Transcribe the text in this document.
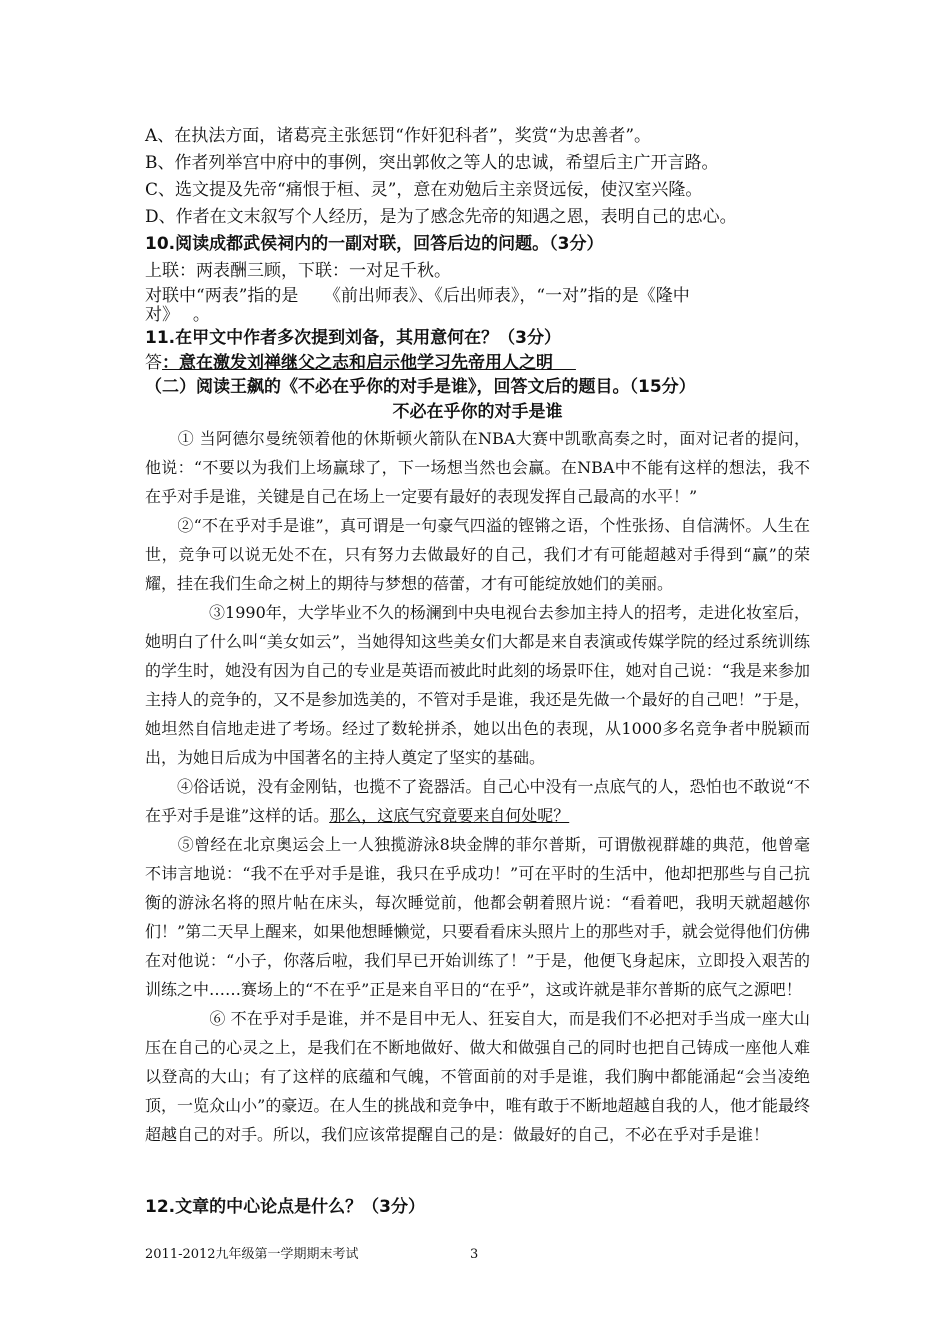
A、在执法方面，诸葛亮主张惩罚“作奸犯科者”，奖赏“为忠善者”。
B、作者列举宫中府中的事例，突出郭攸之等人的忠诚，希望后主广开言路。
C、选文提及先帝“痛恨于桓、灵”，意在劝勉后主亲贤远佞，使汉室兴隆。
D、作者在文末叙写个人经历，是为了感念先帝的知遇之恩，表明自己的忠心。
10.阅读成都武侯祠内的一副对联，回答后边的问题。（3分）
上联：两表酬三顾，下联：一对足千秋。
对联中“两表”指的是　　《前出师表》、《后出师表》，“一对”指的是《隆中
对》　 。
11.在甲文中作者多次提到刘备，其用意何在？（3分）
答：意在激发刘禅继父之志和启示他学习先帝用人之明 　
（二）阅读王飙的《不必在乎你的对手是谁》，回答文后的题目。（15分）
不必在乎你的对手是谁

　　① 当阿德尔曼统领着他的休斯顿火箭队在NBA大赛中凯歌高奏之时，面对记者的提问，他说：“不要以为我们上场赢球了，下一场想当然也会赢。在NBA中不能有这样的想法，我不在乎对手是谁，关键是自己在场上一定要有最好的表现发挥自己最高的水平！”

　　②“不在乎对手是谁”，真可谓是一句豪气四溢的铿锵之语，个性张扬、自信满怀。人生在世，竞争可以说无处不在，只有努力去做最好的自己，我们才有可能超越对手得到“赢”的荣耀，挂在我们生命之树上的期待与梦想的蓓蕾，才有可能绽放她们的美丽。

　　　　③1990年，大学毕业不久的杨澜到中央电视台去参加主持人的招考，走进化妆室后，她明白了什么叫“美女如云”，当她得知这些美女们大都是来自表演或传媒学院的经过系统训练的学生时，她没有因为自己的专业是英语而被此时此刻的场景吓住，她对自己说：“我是来参加主持人的竞争的，又不是参加选美的，不管对手是谁，我还是先做一个最好的自己吧！”于是，她坦然自信地走进了考场。经过了数轮拼杀，她以出色的表现，从1000多名竞争者中脱颖而出，为她日后成为中国著名的主持人奠定了坚实的基础。

　　④俗话说，没有金刚钻，也揽不了瓷器活。自己心中没有一点底气的人，恐怕也不敢说“不在乎对手是谁”这样的话。那么，这底气究竟要来自何处呢？

　　⑤曾经在北京奥运会上一人独揽游泳8块金牌的菲尔普斯，可谓傲视群雄的典范，他曾毫不讳言地说：“我不在乎对手是谁，我只在乎成功！”可在平时的生活中，他却把那些与自己抗衡的游泳名将的照片帖在床头，每次睡觉前，他都会朝着照片说：“看着吧，我明天就超越你们！”第二天早上醒来，如果他想睡懒觉，只要看看床头照片上的那些对手，就会觉得他们仿佛在对他说：“小子，你落后啦，我们早已开始训练了！”于是，他便飞身起床，立即投入艰苦的训练之中……赛场上的“不在乎”正是来自平日的“在乎”，这或许就是菲尔普斯的底气之源吧！

　　　　⑥ 不在乎对手是谁，并不是目中无人、狂妄自大，而是我们不必把对手当成一座大山压在自己的心灵之上，是我们在不断地做好、做大和做强自己的同时也把自己铸成一座他人难以登高的大山；有了这样的底蕴和气魄，不管面前的对手是谁，我们胸中都能涌起“会当凌绝顶，一览众山小”的豪迈。在人生的挑战和竞争中，唯有敢于不断地超越自我的人，他才能最终超越自己的对手。所以，我们应该常提醒自己的是：做最好的自己，不必在乎对手是谁！

12.文章的中心论点是什么？（3分）
2011-2012九年级第一学期期末考试	3
